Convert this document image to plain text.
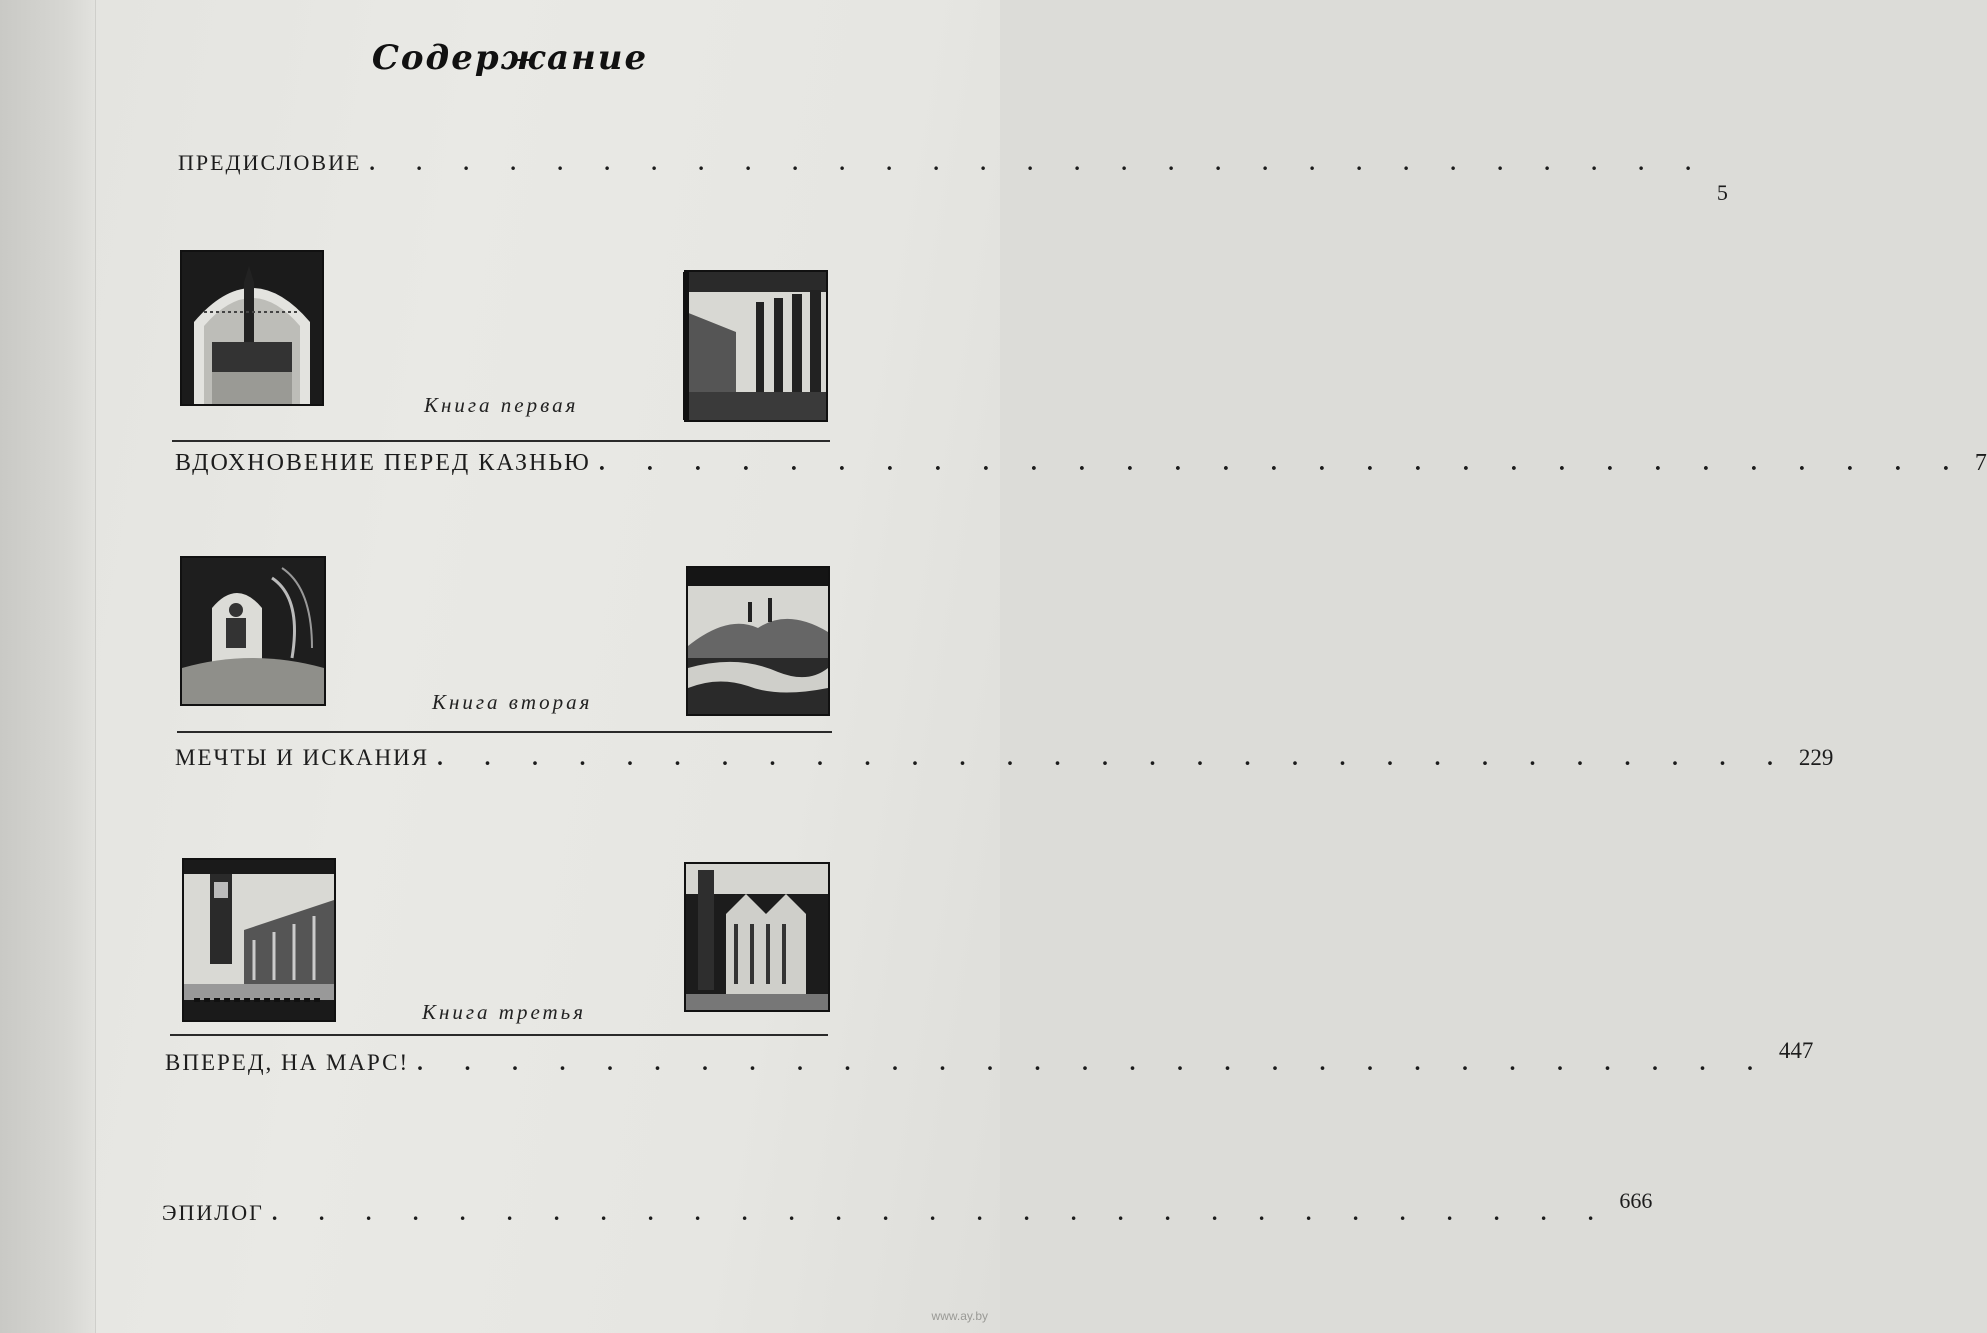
Содержание
ПРЕДИСЛОВИЕ . . . . . . . . . . . . . . . . . . . . . . . . . . . . .
5
Книга первая
ВДОХНОВЕНИЕ ПЕРЕД КАЗНЬЮ . . . . . . . . . . . . . . . . . . . . . . . . . . . . . 7
Книга вторая
МЕЧТЫ И ИСКАНИЯ . . . . . . . . . . . . . . . . . . . . . . . . . . . . . 229
Книга третья
ВПЕРЕД, НА МАРС! . . . . . . . . . . . . . . . . . . . . . . . . . . . . . 447
ЭПИЛОГ . . . . . . . . . . . . . . . . . . . . . . . . . . . . . 666
www.ay.by
